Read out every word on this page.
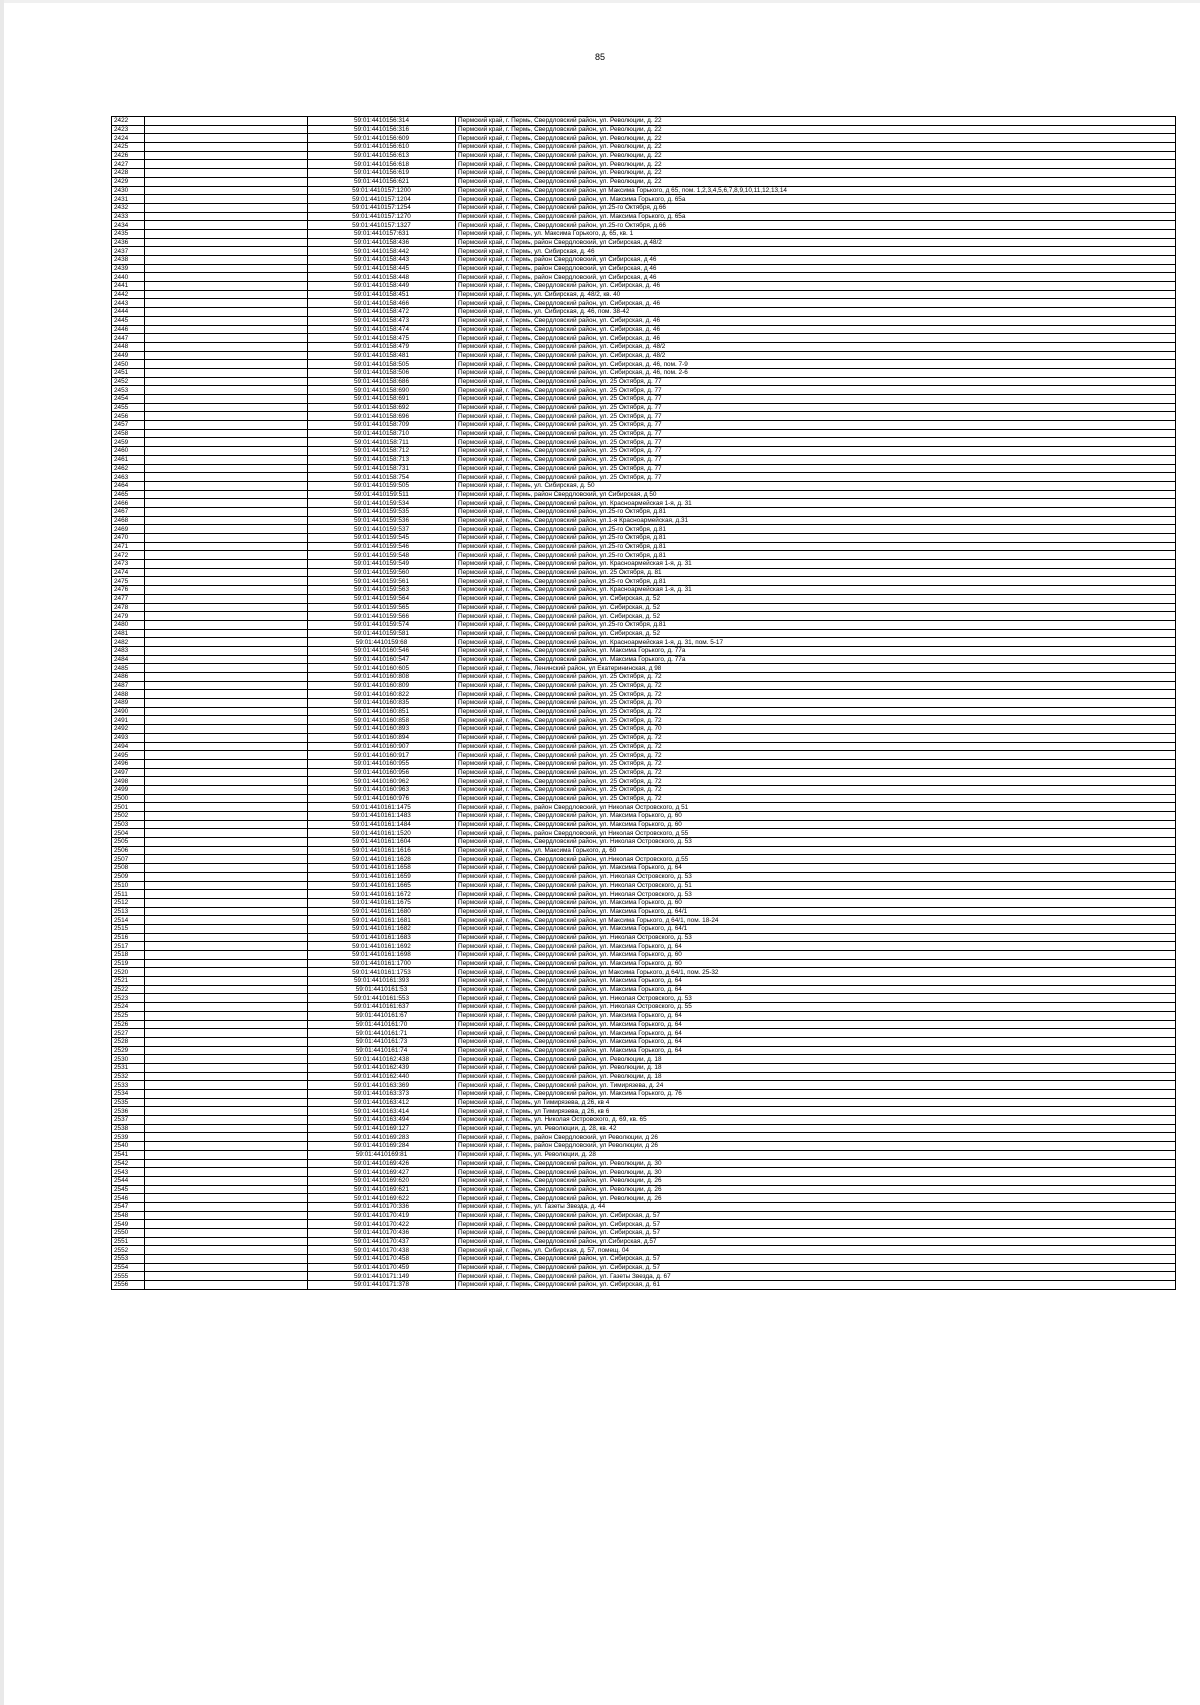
85
2422		59:01:4410156:314	Пермский край, г. Пермь, Свердловский район, ул. Революции, д. 22
2423		59:01:4410156:316	Пермский край, г. Пермь, Свердловский район, ул. Революции, д. 22
2424		59:01:4410156:609	Пермский край, г. Пермь, Свердловский район, ул. Революции, д. 22
2425		59:01:4410156:610	Пермский край, г. Пермь, Свердловский район, ул. Революции, д. 22
2426		59:01:4410156:613	Пермский край, г. Пермь, Свердловский район, ул. Революции, д. 22
2427		59:01:4410156:618	Пермский край, г. Пермь, Свердловский район, ул. Революции, д. 22
2428		59:01:4410156:619	Пермский край, г. Пермь, Свердловский район, ул. Революции, д. 22
2429		59:01:4410156:621	Пермский край, г. Пермь, Свердловский район, ул. Революции, д. 22
2430		59:01:4410157:1200	Пермский край, г. Пермь, Свердловский район, ул Максима Горького, д 65, пом. 1,2,3,4,5,6,7,8,9,10,11,12,13,14
2431		59:01:4410157:1204	Пермский край, г. Пермь, Свердловский район, ул. Максима Горького, д. 65а
2432		59:01:4410157:1254	Пермский край, г. Пермь, Свердловский район, ул.25-го Октября, д.66
2433		59:01:4410157:1270	Пермский край, г. Пермь, Свердловский район, ул. Максима Горького, д. 65а
2434		59:01:4410157:1327	Пермский край, г. Пермь, Свердловский район, ул.25-го Октября, д.66
2435		59:01:4410157:631	Пермский край, г. Пермь, ул. Максима Горького, д. 65, кв. 1
2436		59:01:4410158:436	Пермский край, г. Пермь, район Свердловский, ул Сибирская, д 48/2
2437		59:01:4410158:442	Пермский край, г. Пермь, ул. Сибирская, д. 46
2438		59:01:4410158:443	Пермский край, г. Пермь, район Свердловский, ул Сибирская, д 46
2439		59:01:4410158:445	Пермский край, г. Пермь, район Свердловский, ул Сибирская, д 46
2440		59:01:4410158:448	Пермский край, г. Пермь, район Свердловский, ул Сибирская, д 46
2441		59:01:4410158:449	Пермский край, г. Пермь, Свердловский район, ул. Сибирская, д. 46
2442		59:01:4410158:451	Пермский край, г. Пермь, ул. Сибирская, д. 48/2, кв. 40
2443		59:01:4410158:466	Пермский край, г. Пермь, Свердловский район, ул. Сибирская, д. 46
2444		59:01:4410158:472	Пермский край, г. Пермь, ул. Сибирская, д. 46, пом. 38-42
2445		59:01:4410158:473	Пермский край, г. Пермь, Свердловский район, ул. Сибирская, д. 46
2446		59:01:4410158:474	Пермский край, г. Пермь, Свердловский район, ул. Сибирская, д. 46
2447		59:01:4410158:475	Пермский край, г. Пермь, Свердловский район, ул. Сибирская, д. 46
2448		59:01:4410158:479	Пермский край, г. Пермь, Свердловский район, ул. Сибирская, д. 48/2
2449		59:01:4410158:481	Пермский край, г. Пермь, Свердловский район, ул. Сибирская, д. 48/2
2450		59:01:4410158:505	Пермский край, г. Пермь, Свердловский район, ул. Сибирская, д. 46, пом. 7-9
2451		59:01:4410158:506	Пермский край, г. Пермь, Свердловский район, ул. Сибирская, д. 46, пом. 2-6
2452		59:01:4410158:686	Пермский край, г. Пермь, Свердловский район, ул. 25 Октября, д. 77
2453		59:01:4410158:690	Пермский край, г. Пермь, Свердловский район, ул. 25 Октября, д. 77
2454		59:01:4410158:691	Пермский край, г. Пермь, Свердловский район, ул. 25 Октября, д. 77
2455		59:01:4410158:692	Пермский край, г. Пермь, Свердловский район, ул. 25 Октября, д. 77
2456		59:01:4410158:696	Пермский край, г. Пермь, Свердловский район, ул. 25 Октября, д. 77
2457		59:01:4410158:709	Пермский край, г. Пермь, Свердловский район, ул. 25 Октября, д. 77
2458		59:01:4410158:710	Пермский край, г. Пермь, Свердловский район, ул. 25 Октября, д. 77
2459		59:01:4410158:711	Пермский край, г. Пермь, Свердловский район, ул. 25 Октября, д. 77
2460		59:01:4410158:712	Пермский край, г. Пермь, Свердловский район, ул. 25 Октября, д. 77
2461		59:01:4410158:713	Пермский край, г. Пермь, Свердловский район, ул. 25 Октября, д. 77
2462		59:01:4410158:731	Пермский край, г. Пермь, Свердловский район, ул. 25 Октября, д. 77
2463		59:01:4410158:754	Пермский край, г. Пермь, Свердловский район, ул. 25 Октября, д. 77
2464		59:01:4410159:505	Пермский край, г. Пермь, ул. Сибирская, д. 50
2465		59:01:4410159:511	Пермский край, г. Пермь, район Свердловский, ул Сибирская, д 50
2466		59:01:4410159:534	Пермский край, г. Пермь, Свердловский район, ул. Красноармейская 1-я, д. 31
2467		59:01:4410159:535	Пермский край, г. Пермь, Свердловский район, ул.25-го Октября, д.81
2468		59:01:4410159:536	Пермский край, г. Пермь, Свердловский район, ул.1-я Красноармейская, д.31
2469		59:01:4410159:537	Пермский край, г. Пермь, Свердловский район, ул.25-го Октября, д.81
2470		59:01:4410159:545	Пермский край, г. Пермь, Свердловский район, ул.25-го Октября, д.81
2471		59:01:4410159:546	Пермский край, г. Пермь, Свердловский район, ул.25-го Октября, д.81
2472		59:01:4410159:548	Пермский край, г. Пермь, Свердловский район, ул.25-го Октября, д.81
2473		59:01:4410159:549	Пермский край, г. Пермь, Свердловский район, ул. Красноармейская 1-я, д. 31
2474		59:01:4410159:560	Пермский край, г. Пермь, Свердловский район, ул. 25 Октября, д. 81
2475		59:01:4410159:561	Пермский край, г. Пермь, Свердловский район, ул.25-го Октября, д.81
2476		59:01:4410159:563	Пермский край, г. Пермь, Свердловский район, ул. Красноармейская 1-я, д. 31
2477		59:01:4410159:564	Пермский край, г. Пермь, Свердловский район, ул. Сибирская, д. 52
2478		59:01:4410159:565	Пермский край, г. Пермь, Свердловский район, ул. Сибирская, д. 52
2479		59:01:4410159:566	Пермский край, г. Пермь, Свердловский район, ул. Сибирская, д. 52
2480		59:01:4410159:574	Пермский край, г. Пермь, Свердловский район, ул.25-го Октября, д.81
2481		59:01:4410159:581	Пермский край, г. Пермь, Свердловский район, ул. Сибирская, д. 52
2482		59:01:4410159:68	Пермский край, г. Пермь, Свердловский район, ул. Красноармейская 1-я, д. 31, пом. 5-17
2483		59:01:4410160:546	Пермский край, г. Пермь, Свердловский район, ул. Максима Горького, д. 77а
2484		59:01:4410160:547	Пермский край, г. Пермь, Свердловский район, ул. Максима Горького, д. 77а
2485		59:01:4410160:605	Пермский край, г. Пермь, Ленинский район, ул Екатерининская, д 98
2486		59:01:4410160:808	Пермский край, г. Пермь, Свердловский район, ул. 25 Октября, д. 72
2487		59:01:4410160:809	Пермский край, г. Пермь, Свердловский район, ул. 25 Октября, д. 72
2488		59:01:4410160:822	Пермский край, г. Пермь, Свердловский район, ул. 25 Октября, д. 72
2489		59:01:4410160:835	Пермский край, г. Пермь, Свердловский район, ул. 25 Октября, д. 70
2490		59:01:4410160:851	Пермский край, г. Пермь, Свердловский район, ул. 25 Октября, д. 72
2491		59:01:4410160:858	Пермский край, г. Пермь, Свердловский район, ул. 25 Октября, д. 72
2492		59:01:4410160:893	Пермский край, г. Пермь, Свердловский район, ул. 25 Октября, д. 70
2493		59:01:4410160:894	Пермский край, г. Пермь, Свердловский район, ул. 25 Октября, д. 72
2494		59:01:4410160:907	Пермский край, г. Пермь, Свердловский район, ул. 25 Октября, д. 72
2495		59:01:4410160:917	Пермский край, г. Пермь, Свердловский район, ул. 25 Октября, д. 72
2496		59:01:4410160:955	Пермский край, г. Пермь, Свердловский район, ул. 25 Октября, д. 72
2497		59:01:4410160:956	Пермский край, г. Пермь, Свердловский район, ул. 25 Октября, д. 72
2498		59:01:4410160:962	Пермский край, г. Пермь, Свердловский район, ул. 25 Октября, д. 72
2499		59:01:4410160:963	Пермский край, г. Пермь, Свердловский район, ул. 25 Октября, д. 72
2500		59:01:4410160:976	Пермский край, г. Пермь, Свердловский район, ул. 25 Октября, д. 72
2501		59:01:4410161:1475	Пермский край, г. Пермь, район Свердловский, ул Николая Островского, д 51
2502		59:01:4410161:1483	Пермский край, г. Пермь, Свердловский район, ул. Максима Горького, д. 60
2503		59:01:4410161:1484	Пермский край, г. Пермь, Свердловский район, ул. Максима Горького, д. 60
2504		59:01:4410161:1520	Пермский край, г. Пермь, район Свердловский, ул Николая Островского, д 55
2505		59:01:4410161:1604	Пермский край, г. Пермь, Свердловский район, ул. Николая Островского, д. 53
2506		59:01:4410161:1616	Пермский край, г. Пермь, ул. Максима Горького, д. 60
2507		59:01:4410161:1628	Пермский край, г. Пермь, Свердловский район, ул.Николая Островского, д.55
2508		59:01:4410161:1658	Пермский край, г. Пермь, Свердловский район, ул. Максима Горького, д. 64
2509		59:01:4410161:1659	Пермский край, г. Пермь, Свердловский район, ул. Николая Островского, д. 53
2510		59:01:4410161:1665	Пермский край, г. Пермь, Свердловский район, ул. Николая Островского, д. 51
2511		59:01:4410161:1672	Пермский край, г. Пермь, Свердловский район, ул. Николая Островского, д. 53
2512		59:01:4410161:1675	Пермский край, г. Пермь, Свердловский район, ул. Максима Горького, д. 60
2513		59:01:4410161:1680	Пермский край, г. Пермь, Свердловский район, ул. Максима Горького, д. 64/1
2514		59:01:4410161:1681	Пермский край, г. Пермь, Свердловский район, ул Максима Горького, д 64/1, пом. 18-24
2515		59:01:4410161:1682	Пермский край, г. Пермь, Свердловский район, ул. Максима Горького, д. 64/1
2516		59:01:4410161:1683	Пермский край, г. Пермь, Свердловский район, ул. Николая Островского, д. 53
2517		59:01:4410161:1692	Пермский край, г. Пермь, Свердловский район, ул. Максима Горького, д. 64
2518		59:01:4410161:1698	Пермский край, г. Пермь, Свердловский район, ул. Максима Горького, д. 60
2519		59:01:4410161:1700	Пермский край, г. Пермь, Свердловский район, ул. Максима Горького, д. 60
2520		59:01:4410161:1753	Пермский край, г. Пермь, Свердловский район, ул Максима Горького, д 64/1, пом. 25-32
2521		59:01:4410161:393	Пермский край, г. Пермь, Свердловский район, ул. Максима Горького, д. 64
2522		59:01:4410161:53	Пермский край, г. Пермь, Свердловский район, ул. Максима Горького, д. 64
2523		59:01:4410161:553	Пермский край, г. Пермь, Свердловский район, ул. Николая Островского, д. 53
2524		59:01:4410161:637	Пермский край, г. Пермь, Свердловский район, ул. Николая Островского, д. 55
2525		59:01:4410161:67	Пермский край, г. Пермь, Свердловский район, ул. Максима Горького, д. 64
2526		59:01:4410161:70	Пермский край, г. Пермь, Свердловский район, ул. Максима Горького, д. 64
2527		59:01:4410161:71	Пермский край, г. Пермь, Свердловский район, ул. Максима Горького, д. 64
2528		59:01:4410161:73	Пермский край, г. Пермь, Свердловский район, ул. Максима Горького, д. 64
2529		59:01:4410161:74	Пермский край, г. Пермь, Свердловский район, ул. Максима Горького, д. 64
2530		59:01:4410162:438	Пермский край, г. Пермь, Свердловский район, ул. Революции, д. 18
2531		59:01:4410162:439	Пермский край, г. Пермь, Свердловский район, ул. Революции, д. 18
2532		59:01:4410162:440	Пермский край, г. Пермь, Свердловский район, ул. Революции, д. 18
2533		59:01:4410163:369	Пермский край, г. Пермь, Свердловский район, ул. Тимирязева, д. 24
2534		59:01:4410163:373	Пермский край, г. Пермь, Свердловский район, ул. Максима Горького, д. 76
2535		59:01:4410163:412	Пермский край, г. Пермь, ул Тимирязева, д 26, кв 4
2536		59:01:4410163:414	Пермский край, г. Пермь, ул Тимирязева, д 26, кв 6
2537		59:01:4410163:494	Пермский край, г. Пермь, ул. Николая Островского, д. 69, кв. 65
2538		59:01:4410169:127	Пермский край, г. Пермь, ул. Революции, д. 28, кв. 42
2539		59:01:4410169:283	Пермский край, г. Пермь, район Свердловский, ул Революции, д 26
2540		59:01:4410169:284	Пермский край, г. Пермь, район Свердловский, ул Революции, д 26
2541		59:01:4410169:81	Пермский край, г. Пермь, ул. Революции, д. 28
2542		59:01:4410169:426	Пермский край, г. Пермь, Свердловский район, ул. Революции, д. 30
2543		59:01:4410169:427	Пермский край, г. Пермь, Свердловский район, ул. Революции, д. 30
2544		59:01:4410169:620	Пермский край, г. Пермь, Свердловский район, ул. Революции, д. 26
2545		59:01:4410169:621	Пермский край, г. Пермь, Свердловский район, ул. Революции, д. 26
2546		59:01:4410169:622	Пермский край, г. Пермь, Свердловский район, ул. Революции, д. 26
2547		59:01:4410170:336	Пермский край, г. Пермь, ул. Газеты Звезда, д. 44
2548		59:01:4410170:419	Пермский край, г. Пермь, Свердловский район, ул. Сибирская, д. 57
2549		59:01:4410170:422	Пермский край, г. Пермь, Свердловский район, ул. Сибирская, д. 57
2550		59:01:4410170:436	Пермский край, г. Пермь, Свердловский район, ул. Сибирская, д. 57
2551		59:01:4410170:437	Пермский край, г. Пермь, Свердловский район, ул.Сибирская, д.57
2552		59:01:4410170:438	Пермский край, г. Пермь, ул. Сибирская, д. 57, помещ. 04
2553		59:01:4410170:458	Пермский край, г. Пермь, Свердловский район, ул. Сибирская, д. 57
2554		59:01:4410170:459	Пермский край, г. Пермь, Свердловский район, ул. Сибирская, д. 57
2555		59:01:4410171:149	Пермский край, г. Пермь, Свердловский район, ул. Газеты Звезда, д. 67
2556		59:01:4410171:378	Пермский край, г. Пермь, Свердловский район, ул. Сибирская, д. 61
